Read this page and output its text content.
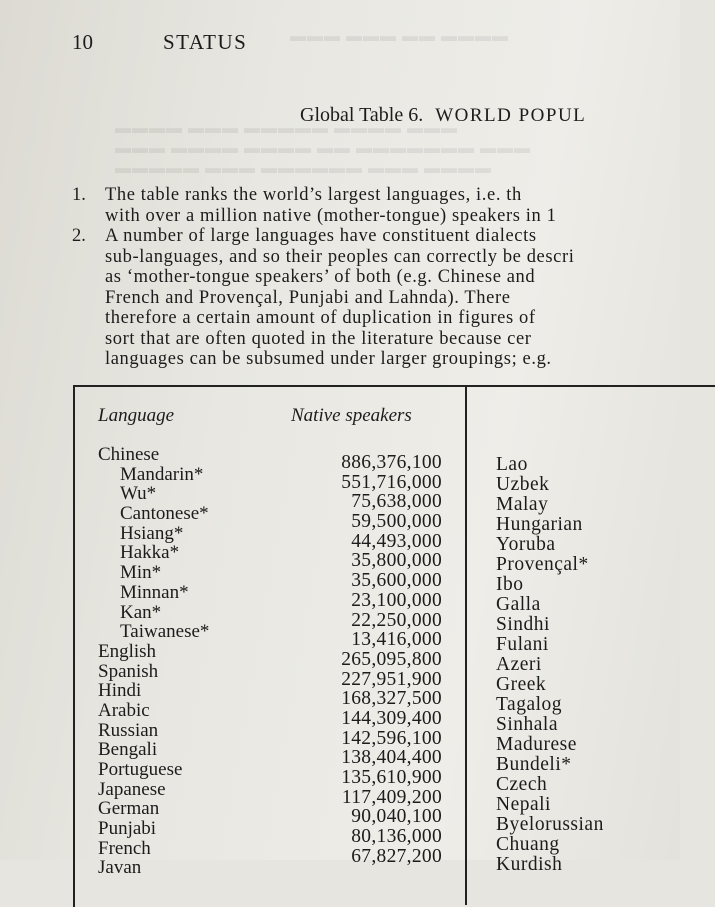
▬▬▬ ▬▬▬ ▬▬ ▬▬▬▬
▬▬▬▬ ▬▬▬ ▬▬▬▬▬ ▬▬▬▬ ▬▬▬
▬▬▬ ▬▬▬▬ ▬▬▬▬ ▬▬ ▬▬▬▬▬▬▬ ▬▬▬
▬▬▬▬▬ ▬▬▬ ▬▬▬▬▬▬ ▬▬▬ ▬▬▬▬
10	STATUS
Global Table 6. WORLD POPUL
1. The table ranks the world’s largest languages, i.e. th
with over a million native (mother-tongue) speakers in 1
2. A number of large languages have constituent dialects
sub-languages, and so their peoples can correctly be descri
as ‘mother-tongue speakers’ of both (e.g. Chinese and
French and Provençal, Punjabi and Lahnda). There
therefore a certain amount of duplication in figures of
sort that are often quoted in the literature because cer
languages can be subsumed under larger groupings; e.g.
Language	Native speakers
Chinese
Mandarin*
Wu*
Cantonese*
Hsiang*
Hakka*
Min*
Minnan*
Kan*
Taiwanese*
English
Spanish
Hindi
Arabic
Russian
Bengali
Portuguese
Japanese
German
Punjabi
French
Javan
886,376,100
551,716,000
75,638,000
59,500,000
44,493,000
35,800,000
35,600,000
23,100,000
22,250,000
13,416,000
265,095,800
227,951,900
168,327,500
144,309,400
142,596,100
138,404,400
135,610,900
117,409,200
90,040,100
80,136,000
67,827,200
Lao
Uzbek
Malay
Hungarian
Yoruba
Provençal*
Ibo
Galla
Sindhi
Fulani
Azeri
Greek
Tagalog
Sinhala
Madurese
Bundeli*
Czech
Nepali
Byelorussian
Chuang
Kurdish
